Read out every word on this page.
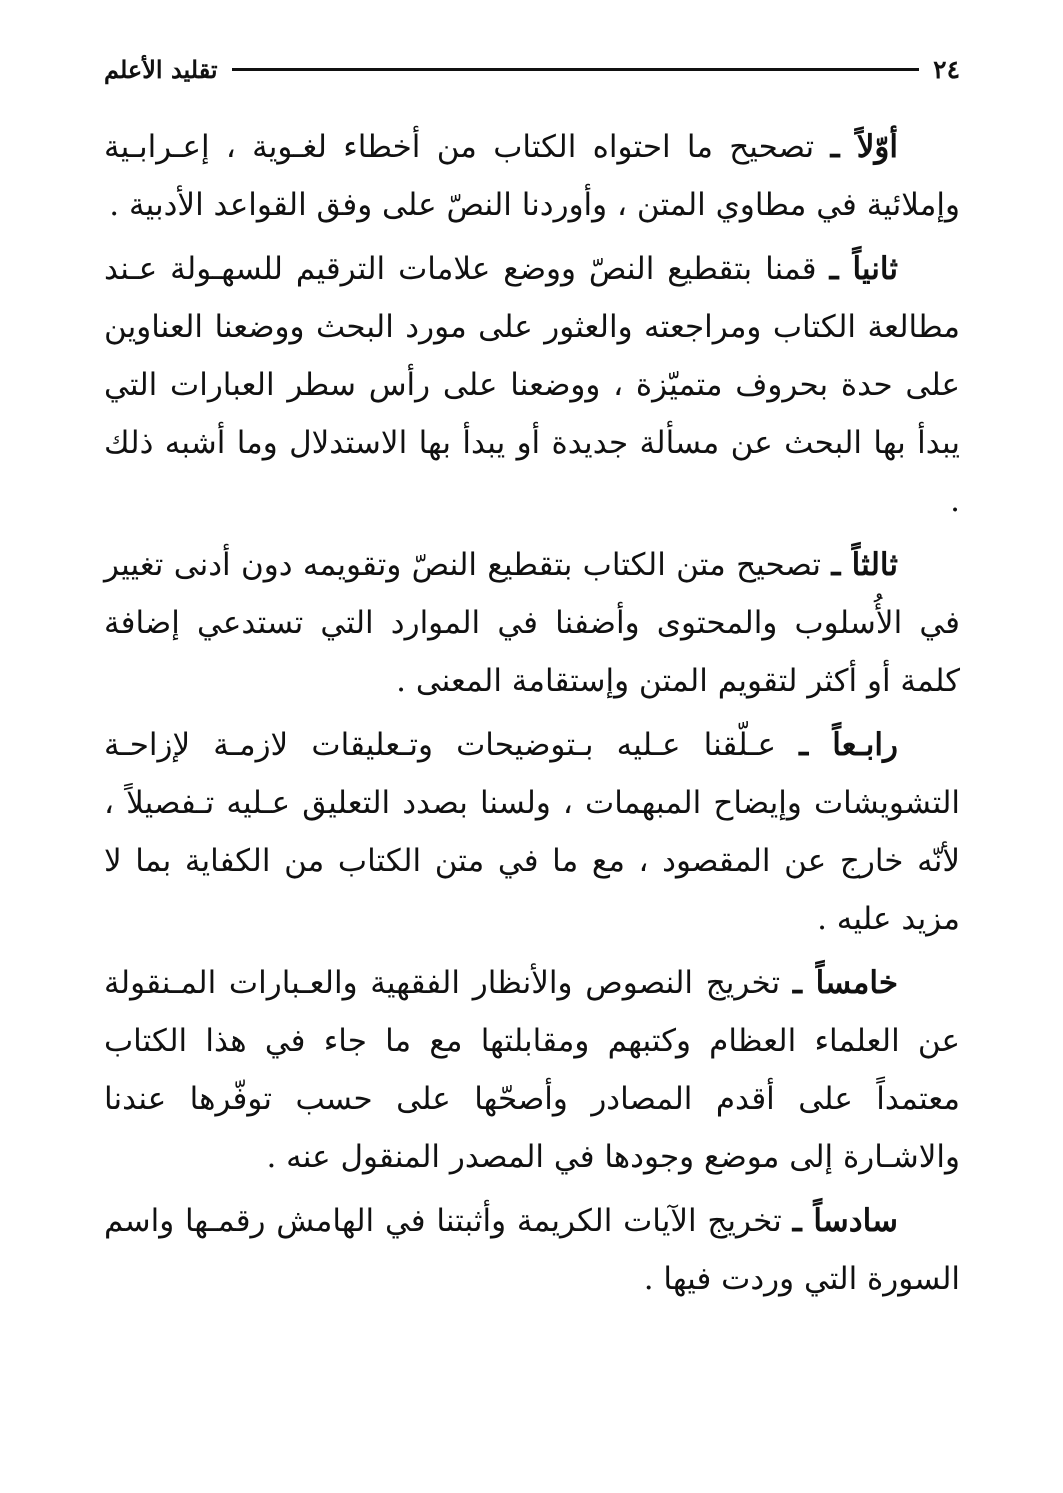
٢٤
تقليد الأعلم

أوّلاً ـ تصحيح ما احتواه الكتاب من أخطاء لغـوية ، إعـرابـية وإملائية في مطاوي المتن ، وأوردنا النصّ على وفق القواعد الأدبية .

ثانياً ـ قمنا بتقطيع النصّ ووضع علامات الترقيم للسهـولة عـند مطالعة الكتاب ومراجعته والعثور على مورد البحث ووضعنا العناوين على حدة بحروف متميّزة ، ووضعنا على رأس سطر العبارات التي يبدأ بها البحث عن مسألة جديدة أو يبدأ بها الاستدلال وما أشبه ذلك .

ثالثاً ـ تصحيح متن الكتاب بتقطيع النصّ وتقويمه دون أدنى تغيير في الأُسلوب والمحتوى وأضفنا في الموارد التي تستدعي إضافة كلمة أو أكثر لتقويم المتن وإستقامة المعنى .

رابـعاً ـ عـلّقنا عـليه بـتوضيحات وتـعليقات لازمـة لإزاحـة التشويشات وإيضاح المبهمات ، ولسنا بصدد التعليق عـليه تـفصيلاً ، لأنّه خارج عن المقصود ، مع ما في متن الكتاب من الكفاية بما لا مزيد عليه .

خامساً ـ تخريج النصوص والأنظار الفقهية والعـبارات المـنقولة عن العلماء العظام وكتبهم ومقابلتها مع ما جاء في هذا الكتاب معتمداً على أقدم المصادر وأصحّها على حسب توفّرها عندنا والاشـارة إلى موضع وجودها في المصدر المنقول عنه .

سادساً ـ تخريج الآيات الكريمة وأثبتنا في الهامش رقمـها واسم السورة التي وردت فيها .
